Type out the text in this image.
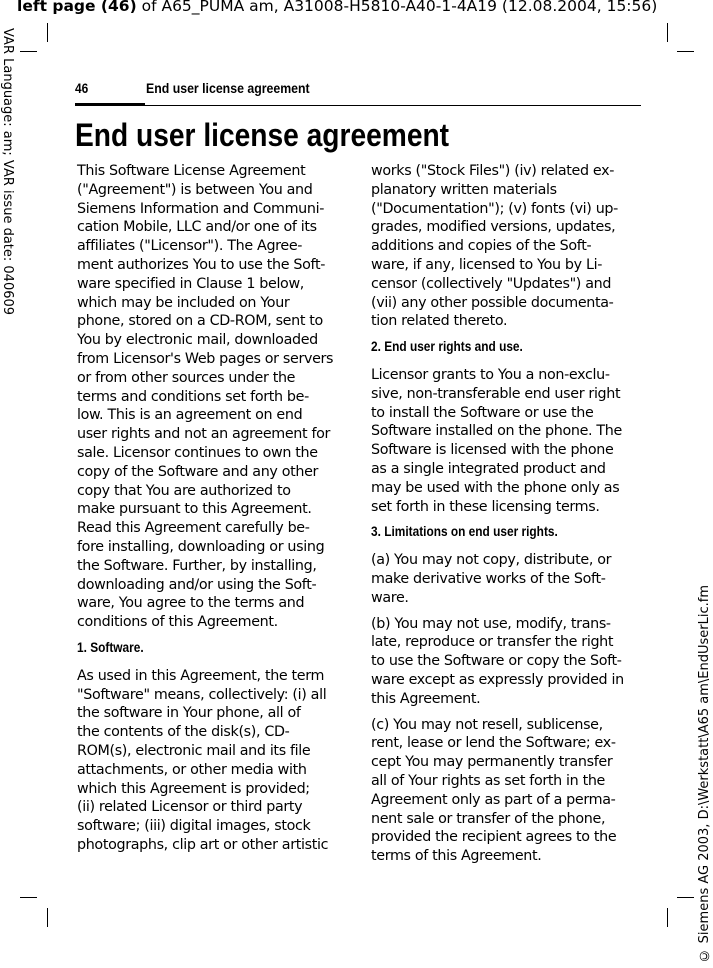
left page (46) of A65_PUMA am, A31008-H5810-A40-1-4A19 (12.08.2004, 15:56)
VAR Language: am; VAR issue date: 040609
© Siemens AG 2003, D:\Werkstatt\A65 am\EndUserLic.fm
46	End user license agreement
End user license agreement
This Software License Agreement
("Agreement") is between You and
Siemens Information and Communi-
cation Mobile, LLC and/or one of its
affiliates ("Licensor"). The Agree-
ment authorizes You to use the Soft-
ware specified in Clause 1 below,
which may be included on Your
phone, stored on a CD-ROM, sent to
You by electronic mail, downloaded
from Licensor's Web pages or servers
or from other sources under the
terms and conditions set forth be-
low. This is an agreement on end
user rights and not an agreement for
sale. Licensor continues to own the
copy of the Software and any other
copy that You are authorized to
make pursuant to this Agreement.
Read this Agreement carefully be-
fore installing, downloading or using
the Software. Further, by installing,
downloading and/or using the Soft-
ware, You agree to the terms and
conditions of this Agreement.
1. Software.
As used in this Agreement, the term
"Software" means, collectively: (i) all
the software in Your phone, all of
the contents of the disk(s), CD-
ROM(s), electronic mail and its file
attachments, or other media with
which this Agreement is provided;
(ii) related Licensor or third party
software; (iii) digital images, stock
photographs, clip art or other artistic
works ("Stock Files") (iv) related ex-
planatory written materials
("Documentation"); (v) fonts (vi) up-
grades, modified versions, updates,
additions and copies of the Soft-
ware, if any, licensed to You by Li-
censor (collectively "Updates") and
(vii) any other possible documenta-
tion related thereto.
2. End user rights and use.
Licensor grants to You a non-exclu-
sive, non-transferable end user right
to install the Software or use the
Software installed on the phone. The
Software is licensed with the phone
as a single integrated product and
may be used with the phone only as
set forth in these licensing terms.
3. Limitations on end user rights.
(a) You may not copy, distribute, or
make derivative works of the Soft-
ware.
(b) You may not use, modify, trans-
late, reproduce or transfer the right
to use the Software or copy the Soft-
ware except as expressly provided in
this Agreement.
(c) You may not resell, sublicense,
rent, lease or lend the Software; ex-
cept You may permanently transfer
all of Your rights as set forth in the
Agreement only as part of a perma-
nent sale or transfer of the phone,
provided the recipient agrees to the
terms of this Agreement.
